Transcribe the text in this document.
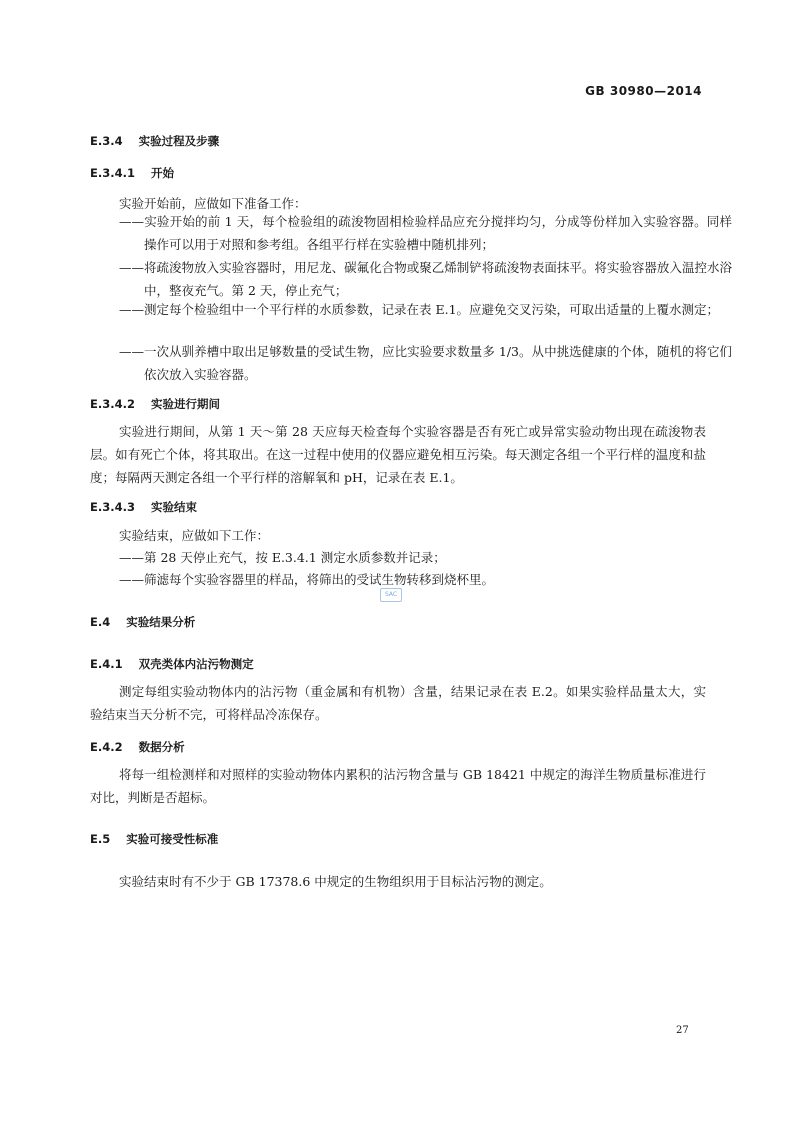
GB 30980—2014
E.3.4 实验过程及步骤
E.3.4.1 开始
实验开始前，应做如下准备工作：
——实验开始的前 1 天，每个检验组的疏浚物固相检验样品应充分搅拌均匀，分成等份样加入实验容器。同样操作可以用于对照和参考组。各组平行样在实验槽中随机排列；
——将疏浚物放入实验容器时，用尼龙、碳氟化合物或聚乙烯制铲将疏浚物表面抹平。将实验容器放入温控水浴中，整夜充气。第 2 天，停止充气；
——测定每个检验组中一个平行样的水质参数，记录在表 E.1。应避免交叉污染，可取出适量的上覆水测定；
——一次从驯养槽中取出足够数量的受试生物，应比实验要求数量多 1/3。从中挑选健康的个体，随机的将它们依次放入实验容器。
E.3.4.2 实验进行期间
实验进行期间，从第 1 天～第 28 天应每天检查每个实验容器是否有死亡或异常实验动物出现在疏浚物表层。如有死亡个体，将其取出。在这一过程中使用的仪器应避免相互污染。每天测定各组一个平行样的温度和盐度；每隔两天测定各组一个平行样的溶解氧和 pH，记录在表 E.1。
E.3.4.3 实验结束
实验结束，应做如下工作：
——第 28 天停止充气，按 E.3.4.1 测定水质参数并记录；
——筛滤每个实验容器里的样品，将筛出的受试生物转移到烧杯里。
SAC
E.4 实验结果分析
E.4.1 双壳类体内沾污物测定
测定每组实验动物体内的沾污物（重金属和有机物）含量，结果记录在表 E.2。如果实验样品量太大，实验结束当天分析不完，可将样品冷冻保存。
E.4.2 数据分析
将每一组检测样和对照样的实验动物体内累积的沾污物含量与 GB 18421 中规定的海洋生物质量标准进行对比，判断是否超标。
E.5 实验可接受性标准
实验结束时有不少于 GB 17378.6 中规定的生物组织用于目标沾污物的测定。
27
